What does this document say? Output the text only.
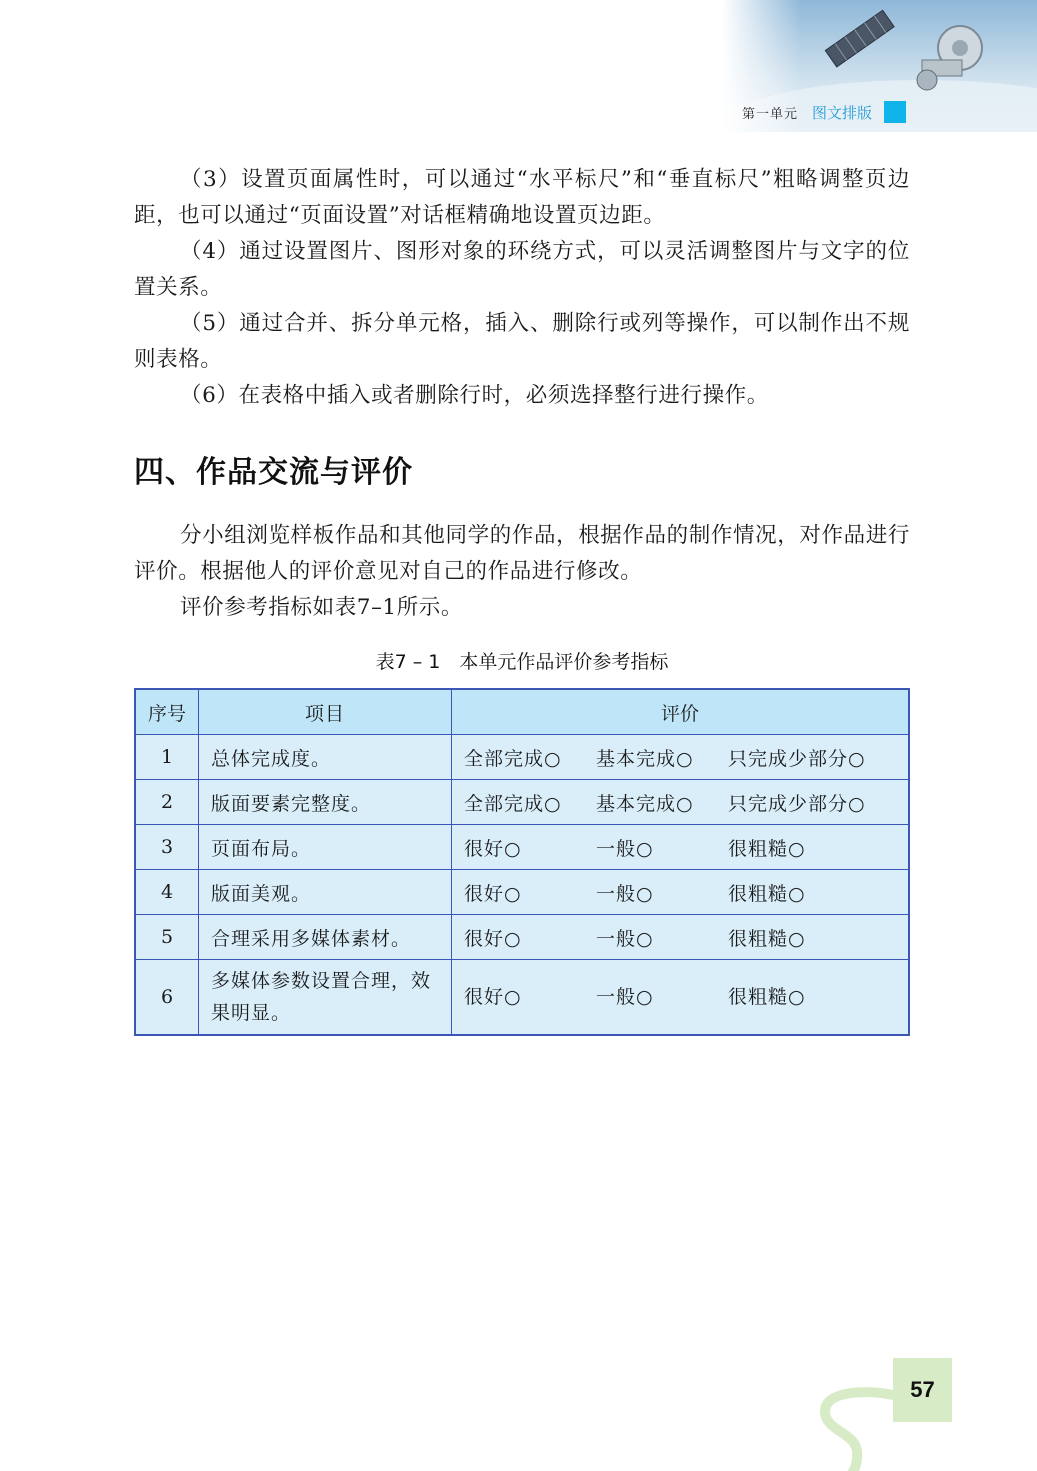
第一单元 图文排版

（3）设置页面属性时，可以通过“水平标尺”和“垂直标尺”粗略调整页边距，也可以通过“页面设置”对话框精确地设置页边距。

（4）通过设置图片、图形对象的环绕方式，可以灵活调整图片与文字的位置关系。

（5）通过合并、拆分单元格，插入、删除行或列等操作，可以制作出不规则表格。

（6）在表格中插入或者删除行时，必须选择整行进行操作。

四、作品交流与评价

分小组浏览样板作品和其他同学的作品，根据作品的制作情况，对作品进行评价。根据他人的评价意见对自己的作品进行修改。

评价参考指标如表7–1所示。

表7 – 1　本单元作品评价参考指标
序号	项目	评价
1	总体完成度。	全部完成○ 基本完成○ 只完成少部分○

2	版面要素完整度。	全部完成○ 基本完成○ 只完成少部分○

3	页面布局。	很好○ 一般○ 很粗糙○

4	版面美观。	很好○ 一般○ 很粗糙○

5	合理采用多媒体素材。	很好○ 一般○ 很粗糙○

6	多媒体参数设置合理，效果明显。	很好○ 一般○ 很粗糙○
57
